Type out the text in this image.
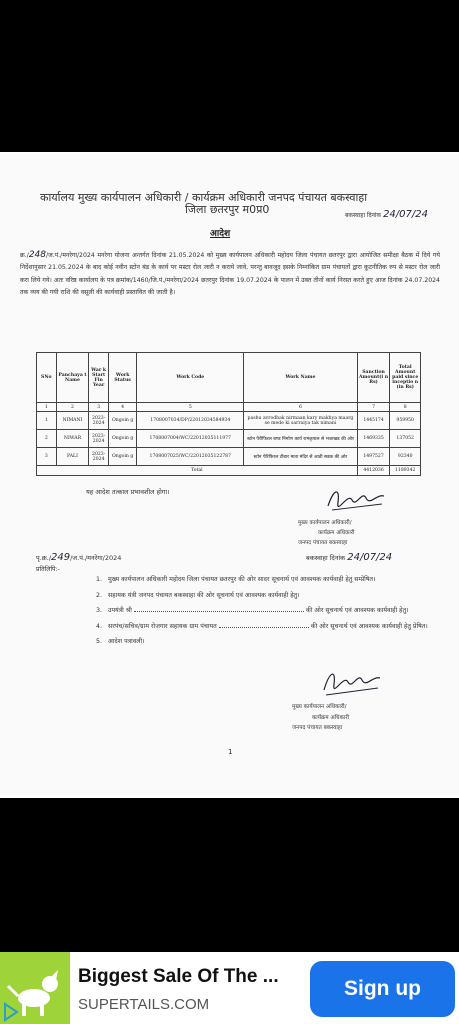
कार्यालय मुख्य कार्यपालन अधिकारी / कार्यक्रम अधिकारी जनपद पंचायत बकस्वाहा
जिला छतरपुर म0प्र0	बकस्वाहा दिनांक 24/07/24
आदेश
क्र./248/ज.पं./मनरेगा/2024 मनरेगा योजना अन्तर्गत दिनांक 21.05.2024 को मुख्य कार्यपालन अधिकारी महोदय जिला पंचायत छतरपुर द्वारा आयोजित समीक्षा बैठक में दिये गये निर्देशानुसार 21.05.2024 के बाद कोई नवीन स्टोन बंड के कार्य पर मस्टर रोल जारी न कराये जावे, परन्तु बावजूद इसके निम्नांकित ग्राम पंचायतों द्वारा कूटनीतिक रुप से मस्टर रोल जारी करा लिये गये। अतः वरिष्ठ कार्यालय के पत्र क्रमांक/1460/जि.पं./मनरेगा/2024 छतरपुर दिनांक 19.07.2024 के पालन में उक्त तीनों कार्य निरस्त करते हुए आज दिनांक 24.07.2024 तक व्यय की गयी राशि की वसूली की कार्यवाही प्रस्तावित की जाती है।
SNo	Panchaya t Name	War k Start Fin Year	Work Status	Work Code	Work Name	Sanction Amount(i n Rs)	Total Amount paid since inceptio n (in Rs)
1	2	3	4	5	6	7	8
1	NIMANI	2023-2024	Ongoin g	1708007034/DP/22012034584934	pashu avrodhak nirmaan kary makhya maarg se mede ki sarraiya tak nimani	1445174	959950
2	NIWAR	2023-2024	Ongoin g	1708007004/WC/22012035111977	स्टोन पैरीफिरल बण्ड निर्माण कार्य रामकृपाल से भजाखड की ओर	1469335	137052
3	PALI	2023-2024	Ongoin g	1708007025/WC/22012035122787	स्टोन पेरिफिरल टीबार माता मंदिर से आठी सडक की ओर	1497527	92340
Total						4412036	1189342
यह आदेश तत्काल प्रभावशील होगा।
मुख्य कार्यपालन अधिकारी/
कार्यक्रम अधिकारी
जनपद पंचायत बकस्वाहा
पृ.क्र./249/ज.पं./मनरेगा/2024	बकस्वाहा दिनांक 24/07/24
प्रतिलिपि:-
1. मुख्य कार्यपालन अधिकारी महोदय जिला पंचायत छतरपुर की ओर सादर सूचनार्थ एवं आवश्यक कार्यवाही हेतु सम्प्रेषित।
2. सहायक यंत्री जनपद पंचायत बकस्वाहा की ओर सूचनार्थ एवं आवश्यक कार्यवाही हेतु।
3. उपयंत्री श्री	की ओर सूचनार्थ एवं आवश्यक कार्यवाही हेतु।
4. सरपंच/सचिव/ग्राम रोजगार सहायक ग्राम पंचायत	की ओर सूचनार्थ एवं आवश्यक कार्यवाही हेतु प्रेषित।
5. आदेश पत्रावली।
मुख्य कार्यपालन अधिकारी/
कार्यक्रम अधिकारी
जनपद पंचायत बकस्वाहा
1
Biggest Sale Of The ...
SUPERTAILS.COM
Sign up
